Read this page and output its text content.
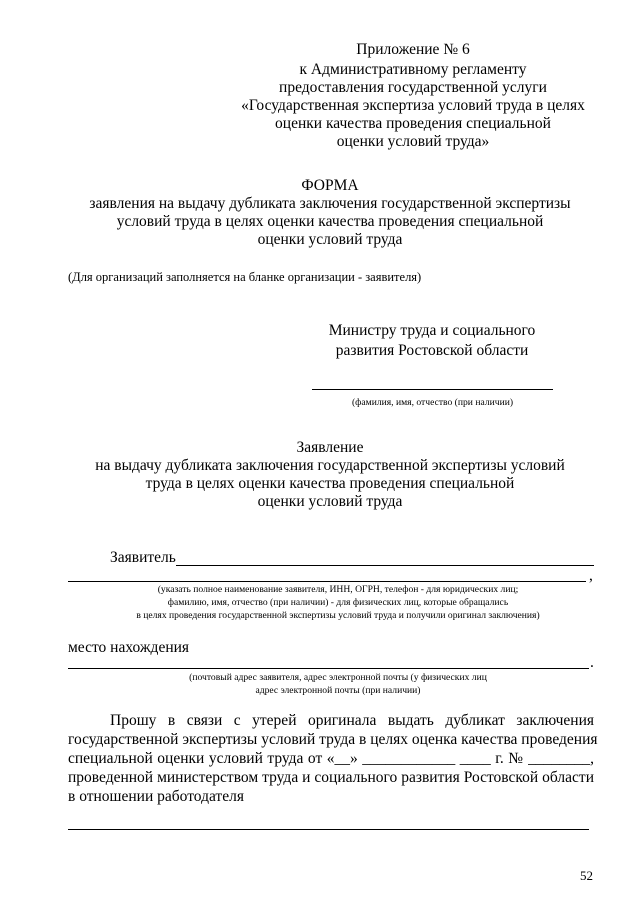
Приложение № 6
к Административному регламенту
предоставления государственной услуги
«Государственная экспертиза условий труда в целях
оценки качества проведения специальной
оценки условий труда»
ФОРМА
заявления на выдачу дубликата заключения государственной экспертизы
условий труда в целях оценки качества проведения специальной
оценки условий труда
(Для организаций заполняется на бланке организации - заявителя)
Министру труда и социального
развития Ростовской области
(фамилия, имя, отчество (при наличии)
Заявление
на выдачу дубликата заключения государственной экспертизы условий
труда в целях оценки качества проведения специальной
оценки условий труда
Заявитель
,
(указать полное наименование заявителя, ИНН, ОГРН, телефон - для юридических лиц;
фамилию, имя, отчество (при наличии) - для физических лиц, которые обращались
в целях проведения государственной экспертизы условий труда и получили оригинал заключения)
место нахождения
.
(почтовый адрес заявителя, адрес электронной почты (у физических лиц
адрес электронной почты (при наличии)
Прошу в связи с утерей оригинала выдать дубликат заключения
государственной экспертизы условий труда в целях оценка качества проведения
специальной оценки условий труда от «__» ____________ ____ г. № ________,
проведенной министерством труда и социального развития Ростовской области
в отношении работодателя
52
